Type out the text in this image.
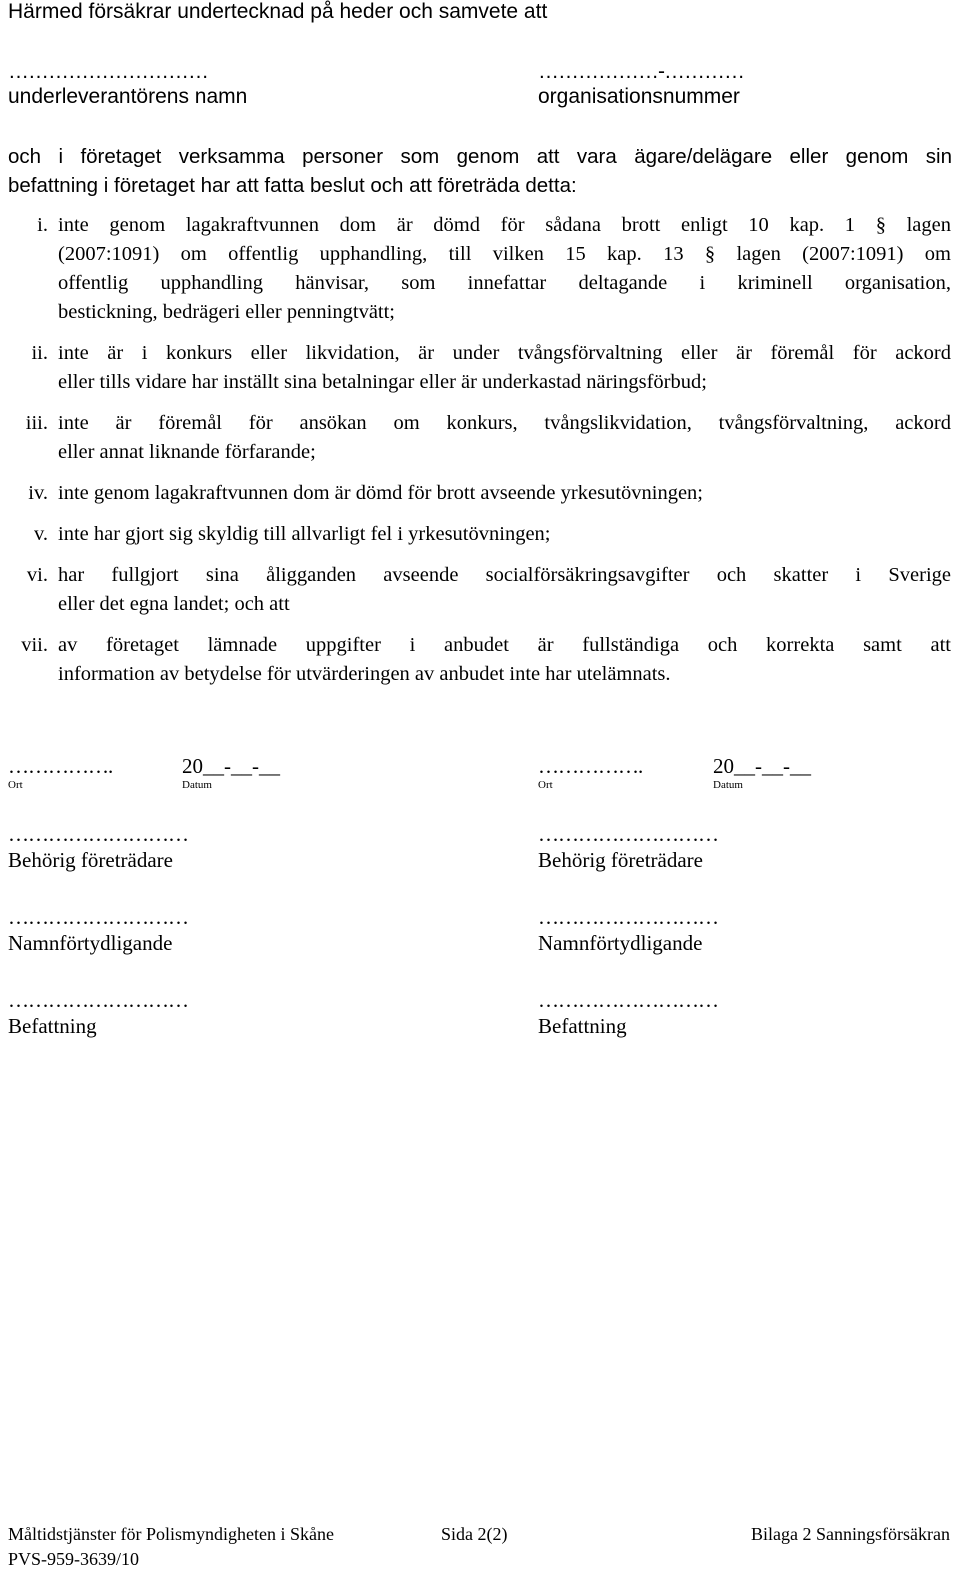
Härmed försäkrar undertecknad på heder och samvete att
…………………………
underleverantörens namn
………………-…………
organisationsnummer
och i företaget verksamma personer som genom att vara ägare/delägare eller genom sin
befattning i företaget har att fatta beslut och att företräda detta:
i. inte genom lagakraftvunnen dom är dömd för sådana brott enligt 10 kap. 1 § lagen
(2007:1091) om offentlig upphandling, till vilken 15 kap. 13 § lagen (2007:1091) om
offentlig upphandling hänvisar, som innefattar deltagande i kriminell organisation,
bestickning, bedrägeri eller penningtvätt;
ii. inte är i konkurs eller likvidation, är under tvångsförvaltning eller är föremål för ackord
eller tills vidare har inställt sina betalningar eller är underkastad näringsförbud;
iii. inte är föremål för ansökan om konkurs, tvångslikvidation, tvångsförvaltning, ackord
eller annat liknande förfarande;
iv. inte genom lagakraftvunnen dom är dömd för brott avseende yrkesutövningen;
v. inte har gjort sig skyldig till allvarligt fel i yrkesutövningen;
vi. har fullgjort sina åligganden avseende socialförsäkringsavgifter och skatter i Sverige
eller det egna landet; och att
vii. av företaget lämnade uppgifter i anbudet är fullständiga och korrekta samt att
information av betydelse för utvärderingen av anbudet inte har utelämnats.
…………….	20__-__-__
Ort	Datum
………………………
Behörig företrädare
………………………
Namnförtydligande
………………………
Befattning
…………….	20__-__-__
Ort	Datum
………………………
Behörig företrädare
………………………
Namnförtydligande
………………………
Befattning
Måltidstjänster för Polismyndigheten i Skåne	Sida 2(2)	Bilaga 2 Sanningsförsäkran
PVS-959-3639/10
